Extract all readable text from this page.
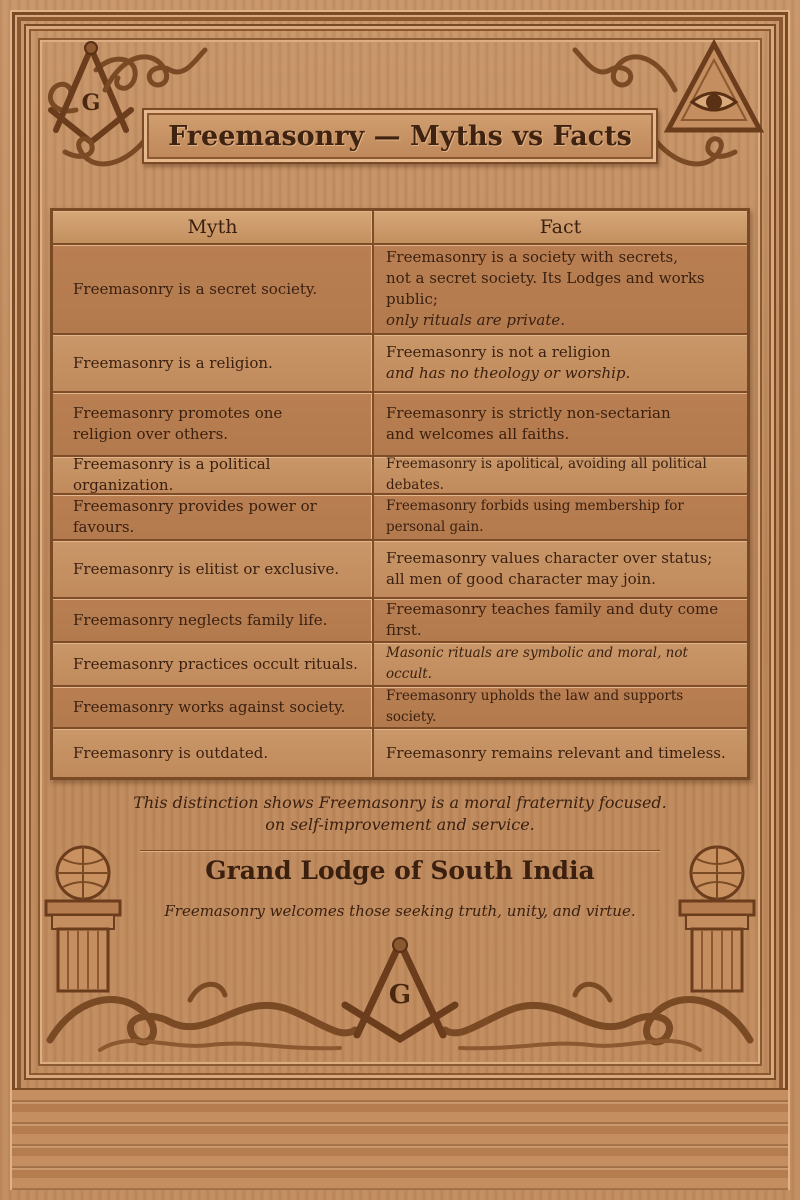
G
Freemasonry — Myths vs Facts
Myth	Fact
Freemasonry is a secret society.
Freemasonry is a society with secrets,
not a secret society. Its Lodges and works public;
only rituals are private.
Freemasonry is a religion.
Freemasonry is not a religion
and has no theology or worship.
Freemasonry promotes one
religion over others.
Freemasonry is strictly non-sectarian
and welcomes all faiths.
Freemasonry is a political organization.
Freemasonry is apolitical, avoiding all political debates.
Freemasonry provides power or favours.
Freemasonry forbids using membership for personal gain.
Freemasonry is elitist or exclusive.
Freemasonry values character over status;
all men of good character may join.
Freemasonry neglects family life.
Freemasonry teaches family and duty come first.
Freemasonry practices occult rituals.
Masonic rituals are symbolic and moral, not occult.
Freemasonry works against society.
Freemasonry upholds the law and supports society.
Freemasonry is outdated.	Freemasonry remains relevant and timeless.
This distinction shows Freemasonry is a moral fraternity focused.
on self-improvement and service.
Grand Lodge of South India

Freemasonry welcomes those seeking truth, unity, and virtue.

G
